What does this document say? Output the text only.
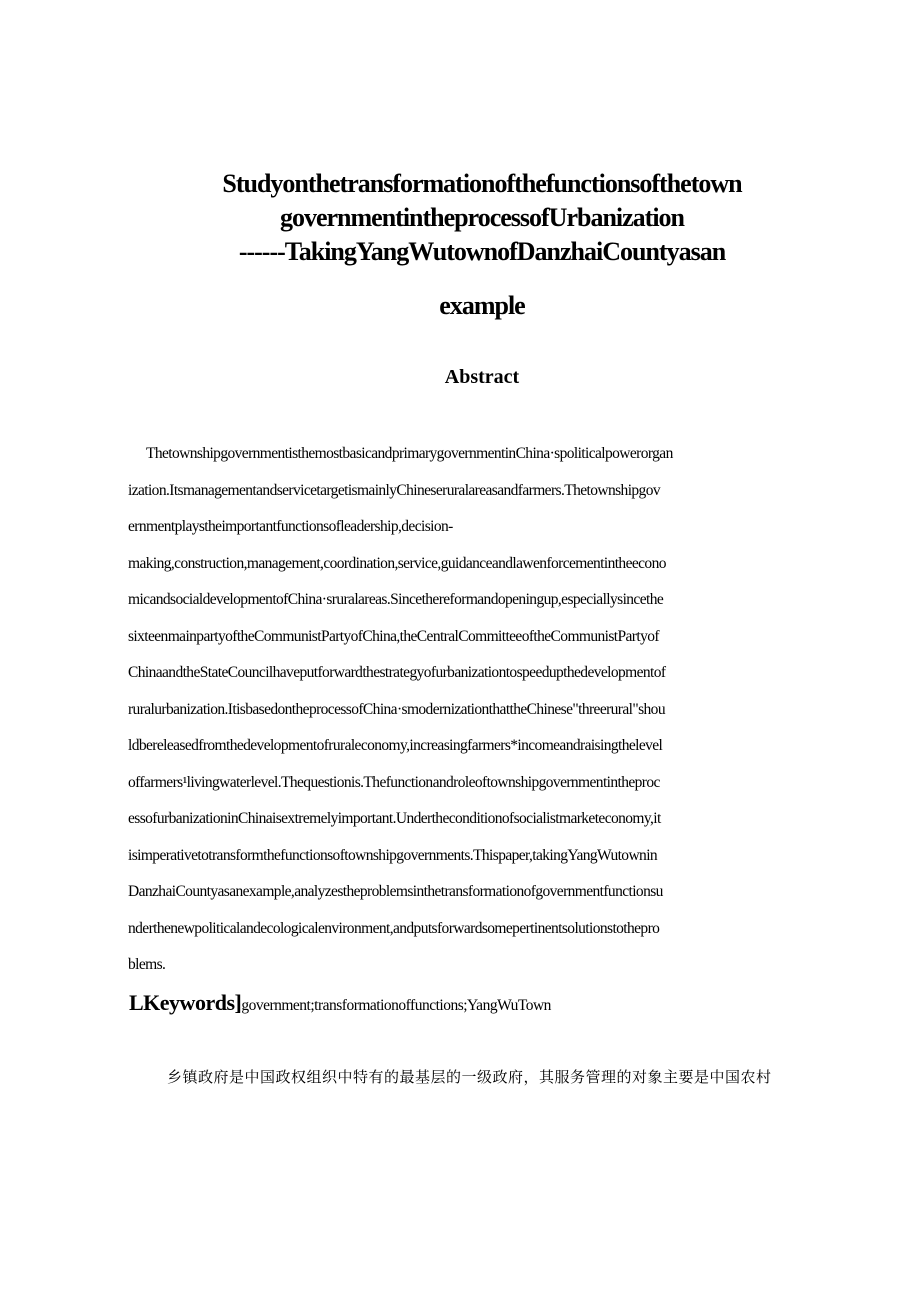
Studyonthetransformationofthefunctionsofthetown
governmentintheprocessofUrbanization
------TakingYangWutownofDanzhaiCountyasan
example
Abstract
ThetownshipgovernmentisthemostbasicandprimarygovernmentinChina·spoliticalpowerorgan
ization.ItsmanagementandservicetargetismainlyChineseruralareasandfarmers.Thetownshipgov
ernmentplaystheimportantfunctionsofleadership,decision-
making,construction,management,coordination,service,guidanceandlawenforcementintheecono
micandsocialdevelopmentofChina·sruralareas.Sincethereformandopeningup,especiallysincethe
sixteenmainpartyoftheCommunistPartyofChina,theCentralCommitteeoftheCommunistPartyof
ChinaandtheStateCouncilhaveputforwardthestrategyofurbanizationtospeedupthedevelopmentof
ruralurbanization.ItisbasedontheprocessofChina·smodernizationthattheChinese"threerural"shou
ldbereleasedfromthedevelopmentofruraleconomy,increasingfarmers*incomeandraisingthelevel
offarmers¹livingwaterlevel.Thequestionis.Thefunctionandroleoftownshipgovernmentintheproc
essofurbanizationinChinaisextremelyimportant.Undertheconditionofsocialistmarketeconomy,it
isimperativetotransformthefunctionsoftownshipgovernments.Thispaper,takingYangWutownin
DanzhaiCountyasanexample,analyzestheproblemsinthetransformationofgovernmentfunctionsu
nderthenewpoliticalandecologicalenvironment,andputsforwardsomepertinentsolutionstothepro
blems.
LKeywords]government;transformationoffunctions;YangWuTown
乡镇政府是中国政权组织中特有的最基层的一级政府，其服务管理的对象主要是中国农村
